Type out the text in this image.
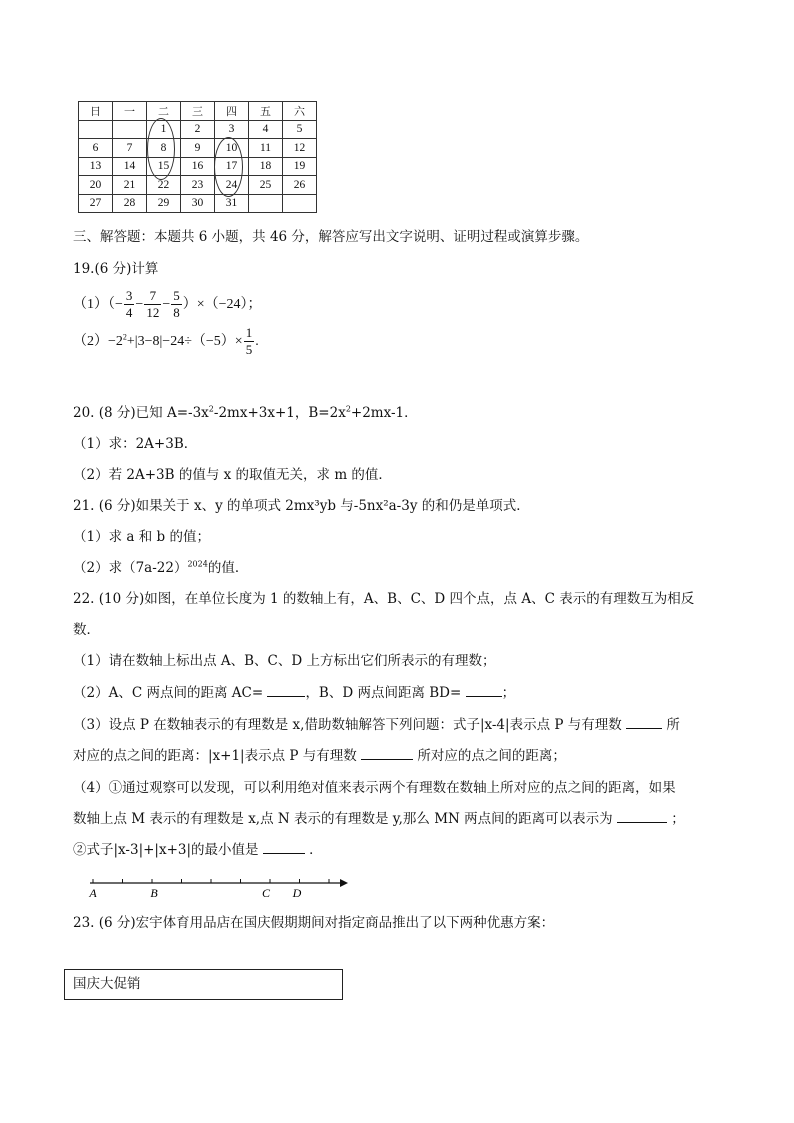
日	一	二	三	四	五	六
		1	2	3	4	5
6	7	8	9	10	11	12
13	14	15	16	17	18	19
20	21	22	23	24	25	26
27	28	29	30	31		
三、解答题：本题共 6 小题，共 46 分，解答应写出文字说明、证明过程或演算步骤。
19.(6 分)计算
$(1)(- \frac{3}{4} - \frac{7}{12} - \frac{5}{8} )\times(-24)$；
$(2)-2^2+|3-8|-24\div(-5)\times \frac{1}{5}$ .
20. (8 分)已知 $A=-3x^2-2mx+3x+1$，$B=2x^2+2mx-1$．
（1）求：2A+3B．
（2）若 2A+3B 的值与 x 的取值无关，求 m 的值．
21. (6 分)如果关于 x、y 的单项式 2mx³yb 与-5nx²a-3y 的和仍是单项式．
（1）求 a 和 b 的值；
（2）求$(7a-22)^{2024}$的值．
22. (10 分)如图，在单位长度为 1 的数轴上有，A、B、C、D 四个点，点 A、C 表示的有理数互为相反
数．
（1）请在数轴上标出点 A、B、C、D 上方标出它们所表示的有理数；
（2）A、C 两点间的距离 AC=	，B、D 两点间距离 BD=	；
（3）设点 P 在数轴表示的有理数是 x,借助数轴解答下列问题：式子|x-4|表示点 P 与有理数	所
对应的点之间的距离：|x+1|表示点 P 与有理数	所对应的点之间的距离；
（4）①通过观察可以发现，可以利用绝对值来表示两个有理数在数轴上所对应的点之间的距离，如果
数轴上点 M 表示的有理数是 x,点 N 表示的有理数是 y,那么 MN 两点间的距离可以表示为	；
②式子|x-3|+|x+3|的最小值是	．
A	B	C D
23. (6 分)宏宇体育用品店在国庆假期期间对指定商品推出了以下两种优惠方案：
国庆大促销
